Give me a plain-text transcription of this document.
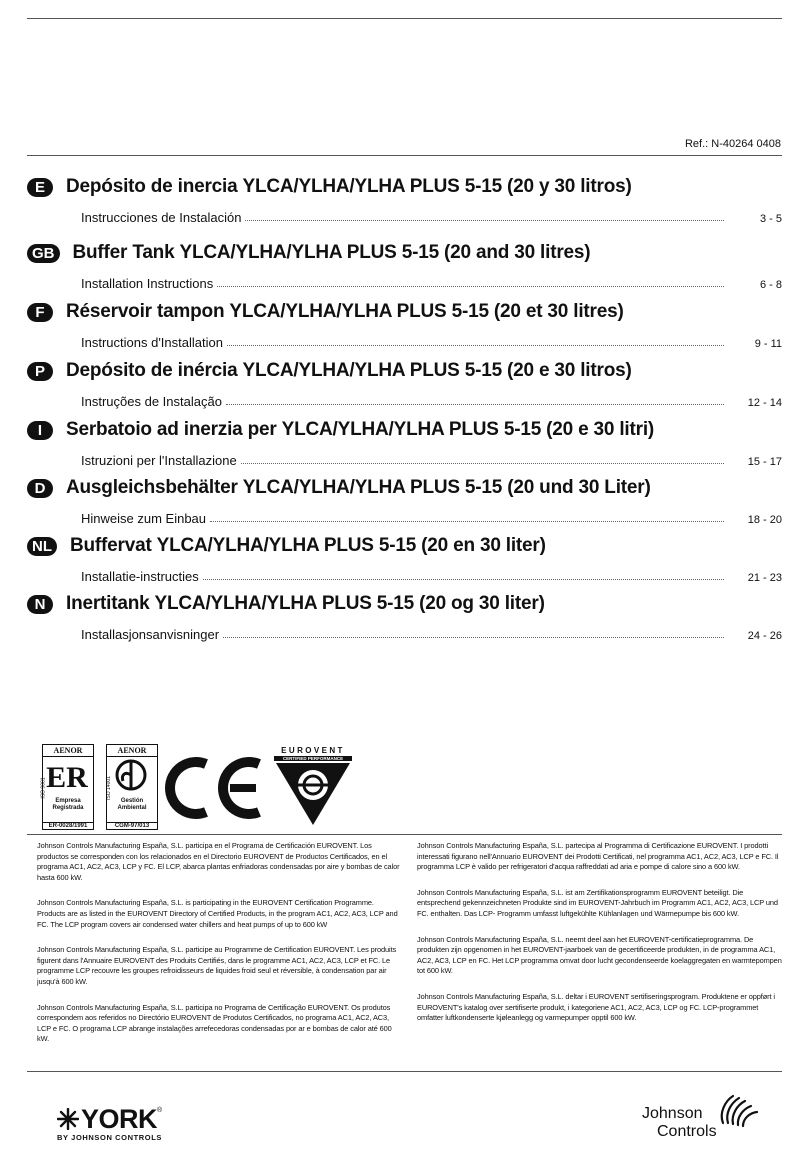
Ref.: N-40264 0408
E	Depósito de inercia YLCA/YLHA/YLHA PLUS 5-15 (20 y 30 litros)
Instrucciones de Instalación	3 - 5
GB Buffer Tank YLCA/YLHA/YLHA PLUS 5-15 (20 and 30 litres)
Installation Instructions	6 - 8
F	Réservoir tampon YLCA/YLHA/YLHA PLUS 5-15 (20 et 30 litres)
Instructions d'Installation	9 - 11
P	Depósito de inércia YLCA/YLHA/YLHA PLUS 5-15 (20 e 30 litros)
Instruções de Instalação	12 - 14
I	Serbatoio ad inerzia per YLCA/YLHA/YLHA PLUS 5-15 (20 e 30 litri)
Istruzioni per l'Installazione	15 - 17
D	Ausgleichsbehälter YLCA/YLHA/YLHA PLUS 5-15 (20 und 30 Liter)
Hinweise zum Einbau	18 - 20
NL Buffervat YLCA/YLHA/YLHA PLUS 5-15 (20 en 30 liter)
Installatie-instructies	21 - 23
N	Inertitank YLCA/YLHA/YLHA PLUS 5-15 (20 og 30 liter)
Installasjonsanvisninger	24 - 26
AENOR
ER
Empresa
Registrada
ER-0028/1991
ISO 9001
AENOR
Gestión
Ambiental
CGM-97/013
ISO 14001
EUROVENT
CERTIFIED PERFORMANCE

Johnson Controls Manufacturing España, S.L. participa en el Programa de Certificación EUROVENT. Los productos se corresponden con los relacionados en el Directorio EUROVENT de Productos Certificados, en el programa AC1, AC2, AC3, LCP y FC. El LCP, abarca plantas enfriadoras condensadas por aire y bombas de calor hasta 600 kW.

Johnson Controls Manufacturing España, S.L. is participating in the EUROVENT Certification Programme. Products are as listed in the EUROVENT Directory of Certified Products, in the program AC1, AC2, AC3, LCP and FC. The LCP program covers air condensed water chillers and heat pumps of up to 600 kW

Johnson Controls Manufacturing España, S.L. participe au Programme de Certification EUROVENT. Les produits figurent dans l'Annuaire EUROVENT des Produits Certifiés, dans le programme AC1, AC2, AC3, LCP et FC. Le programme LCP recouvre les groupes refroidisseurs de liquides froid seul et réversible, à condensation par air jusqu'à 600 kW.

Johnson Controls Manufacturing España, S.L. participa no Programa de Certificação EUROVENT. Os produtos correspondem aos referidos no Directório EUROVENT de Produtos Certificados, no programa AC1, AC2, AC3, LCP e FC. O programa LCP abrange instalações arrefecedoras condensadas por ar e bombas de calor até 600 kW.

Johnson Controls Manufacturing España, S.L. partecipa al Programma di Certificazione EUROVENT. I prodotti interessati figurano nell'Annuario EUROVENT dei Prodotti Certificati, nel programma AC1, AC2, AC3, LCP e FC. Il programma LCP è valido per refrigeratori d'acqua raffreddati ad aria e pompe di calore sino a 600 kW.

Johnson Controls Manufacturing España, S.L. ist am Zertifikationsprogramm EUROVENT beteiligt. Die entsprechend gekennzeichneten Produkte sind im EUROVENT-Jahrbuch im Programm AC1, AC2, AC3, LCP und FC. enthalten. Das LCP- Programm umfasst luftgekühlte Kühlanlagen und Wärmepumpe bis 600 kW.

Johnson Controls Manufacturing España, S.L. neemt deel aan het EUROVENT-certificatieprogramma. De produkten zijn opgenomen in het EUROVENT-jaarboek van de gecertificeerde produkten, in de programma AC1, AC2, AC3, LCP en FC. Het LCP programma omvat door lucht gecondenseerde koelaggregaten en warmtepompen tot 600 kW.

Johnson Controls Manufacturing España, S.L. deltar i EUROVENT sertifiseringsprogram. Produktene er oppført i EUROVENT's katalog over sertifiserte produkt, i kategoriene AC1, AC2, AC3, LCP og FC. LCP-programmet omfatter luftkondenserte kjøleanlegg og varmepumper opptil 600 kW.

YORK ®
BY JOHNSON CONTROLS
Johnson
Controls
